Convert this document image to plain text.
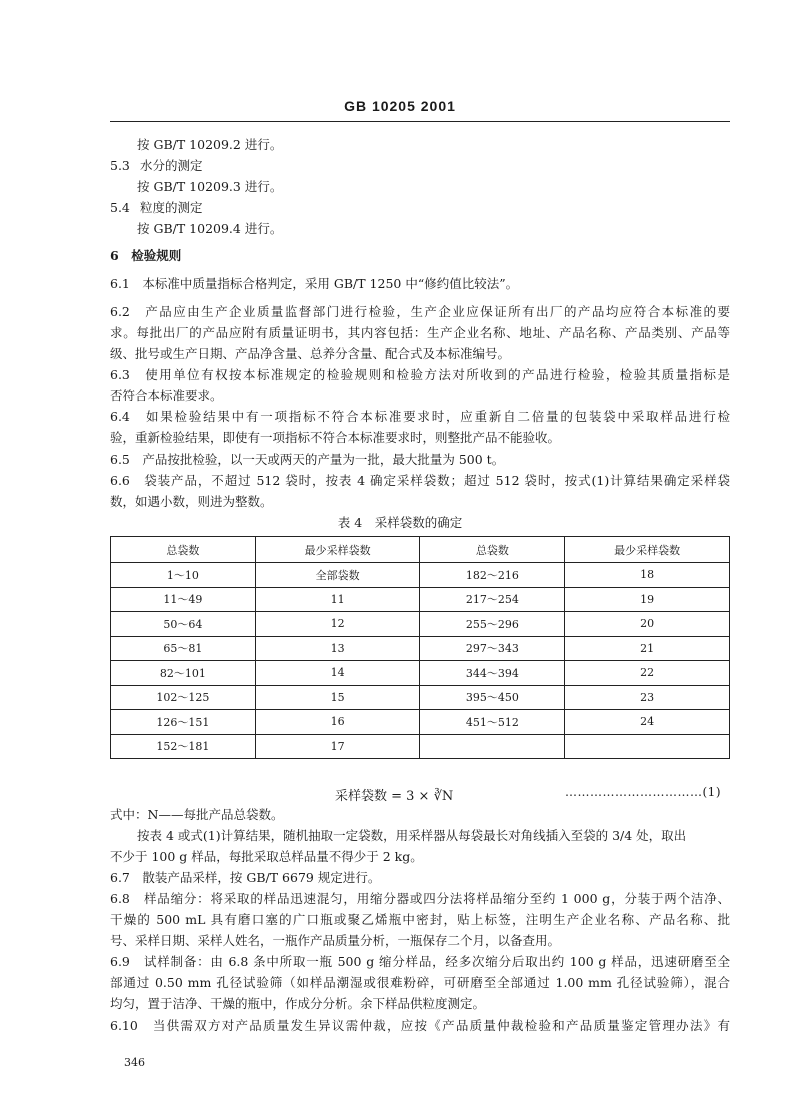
GB 10205 2001
按 GB/T 10209.2 进行。
5.3 水分的测定
按 GB/T 10209.3 进行。
5.4 粒度的测定
按 GB/T 10209.4 进行。
6　检验规则
6.1　本标准中质量指标合格判定，采用 GB/T 1250 中“修约值比较法”。
6.2　产品应由生产企业质量监督部门进行检验，生产企业应保证所有出厂的产品均应符合本标准的要
求。每批出厂的产品应附有质量证明书，其内容包括：生产企业名称、地址、产品名称、产品类别、产品等
级、批号或生产日期、产品净含量、总养分含量、配合式及本标准编号。
6.3　使用单位有权按本标准规定的检验规则和检验方法对所收到的产品进行检验，检验其质量指标是
否符合本标准要求。
6.4　如果检验结果中有一项指标不符合本标准要求时，应重新自二倍量的包装袋中采取样品进行检
验，重新检验结果，即使有一项指标不符合本标准要求时，则整批产品不能验收。
6.5　产品按批检验，以一天或两天的产量为一批，最大批量为 500 t。
6.6　袋装产品，不超过 512 袋时，按表 4 确定采样袋数；超过 512 袋时，按式(1)计算结果确定采样袋
数，如遇小数，则进为整数。
表 4　采样袋数的确定
总袋数	最少采样袋数	总袋数	最少采样袋数
1～10	全部袋数	182～216	18
11～49	11	217～254	19
50～64	12	255～296	20
65～81	13	297～343	21
82～101	14	344～394	22
102～125	15	395～450	23
126～151	16	451～512	24
152～181	17		
采样袋数 = 3 × ∛N	……………………………(1)
式中：N——每批产品总袋数。
按表 4 或式(1)计算结果，随机抽取一定袋数，用采样器从每袋最长对角线插入至袋的 3/4 处，取出
不少于 100 g 样品，每批采取总样品量不得少于 2 kg。
6.7　散装产品采样，按 GB/T 6679 规定进行。
6.8　样品缩分：将采取的样品迅速混匀，用缩分器或四分法将样品缩分至约 1 000 g，分装于两个洁净、
干燥的 500 mL 具有磨口塞的广口瓶或聚乙烯瓶中密封，贴上标签，注明生产企业名称、产品名称、批
号、采样日期、采样人姓名，一瓶作产品质量分析，一瓶保存二个月，以备查用。
6.9　试样制备：由 6.8 条中所取一瓶 500 g 缩分样品，经多次缩分后取出约 100 g 样品，迅速研磨至全
部通过 0.50 mm 孔径试验筛（如样品潮湿或很难粉碎，可研磨至全部通过 1.00 mm 孔径试验筛），混合
均匀，置于洁净、干燥的瓶中，作成分分析。余下样品供粒度测定。
6.10　当供需双方对产品质量发生异议需仲裁，应按《产品质量仲裁检验和产品质量鉴定管理办法》有
346
